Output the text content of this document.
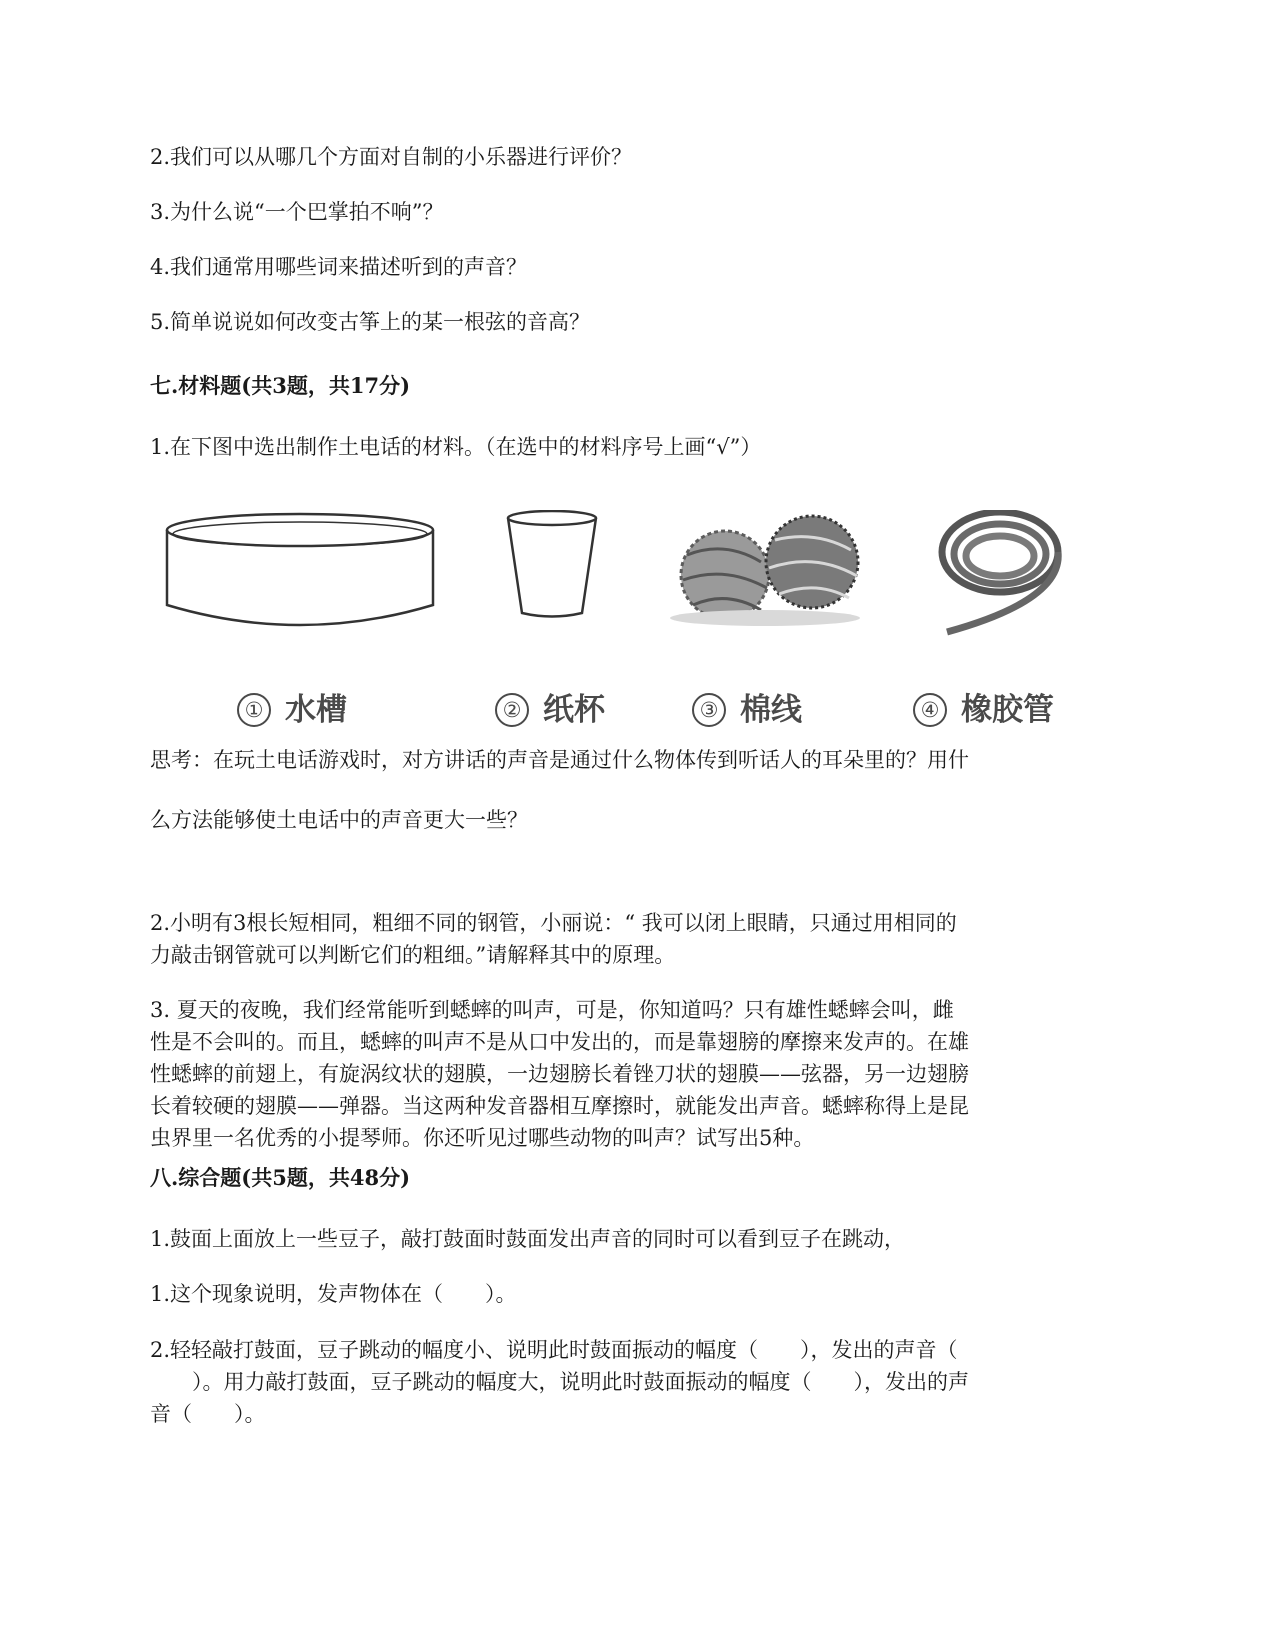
2.我们可以从哪几个方面对自制的小乐器进行评价？
3.为什么说“一个巴掌拍不响”？
4.我们通常用哪些词来描述听到的声音？
5.简单说说如何改变古筝上的某一根弦的音高？
七.材料题(共3题，共17分)
1.在下图中选出制作土电话的材料。（在选中的材料序号上画“√”）
① 水槽	② 纸杯	③ 棉线	④ 橡胶管
思考：在玩土电话游戏时，对方讲话的声音是通过什么物体传到听话人的耳朵里的？用什
么方法能够使土电话中的声音更大一些？
2.小明有3根长短相同，粗细不同的钢管，小丽说：“ 我可以闭上眼睛，只通过用相同的
力敲击钢管就可以判断它们的粗细。”请解释其中的原理。
3. 夏天的夜晚，我们经常能听到蟋蟀的叫声，可是，你知道吗？只有雄性蟋蟀会叫，雌
性是不会叫的。而且，蟋蟀的叫声不是从口中发出的，而是靠翅膀的摩擦来发声的。在雄
性蟋蟀的前翅上，有旋涡纹状的翅膜，一边翅膀长着锉刀状的翅膜——弦器，另一边翅膀
长着较硬的翅膜——弹器。当这两种发音器相互摩擦时，就能发出声音。蟋蟀称得上是昆
虫界里一名优秀的小提琴师。你还听见过哪些动物的叫声？试写出5种。
八.综合题(共5题，共48分)
1.鼓面上面放上一些豆子，敲打鼓面时鼓面发出声音的同时可以看到豆子在跳动，
1.这个现象说明，发声物体在（　　）。
2.轻轻敲打鼓面，豆子跳动的幅度小、说明此时鼓面振动的幅度（　　），发出的声音（
　　）。用力敲打鼓面，豆子跳动的幅度大，说明此时鼓面振动的幅度（　　），发出的声
音（　　）。
